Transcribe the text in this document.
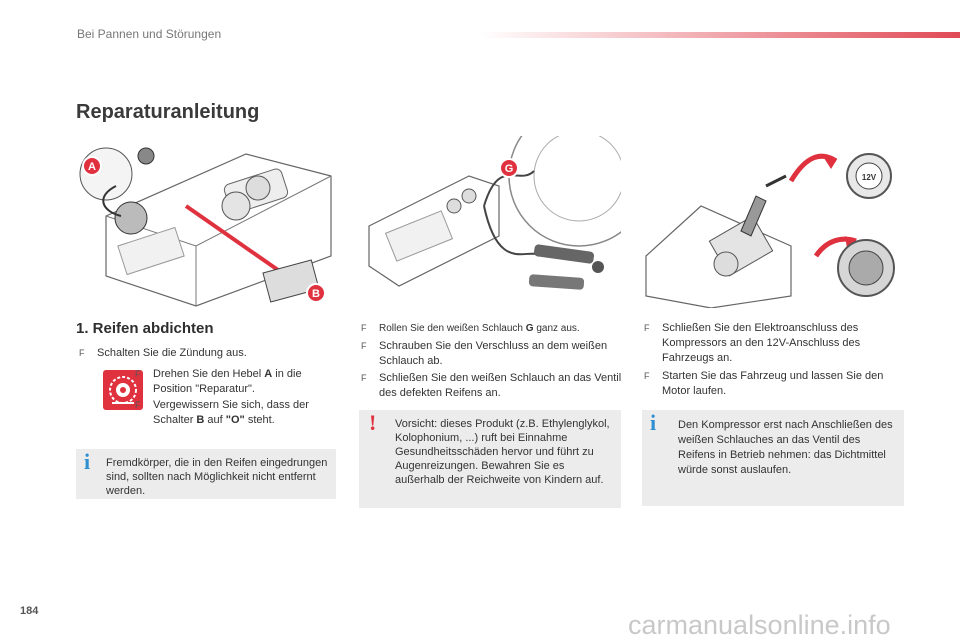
Bei Pannen und Störungen
Reparaturanleitung
A
B
G
12V
1. Reifen abdichten
F	Schalten Sie die Zündung aus.
F	Drehen Sie den Hebel A in die Position "Reparatur".
F	Vergewissern Sie sich, dass der Schalter B auf "O" steht.
i Fremdkörper, die in den Reifen eingedrungen sind, sollten nach Möglichkeit nicht entfernt werden.
F	Rollen Sie den weißen Schlauch G ganz aus.
F	Schrauben Sie den Verschluss an dem weißen Schlauch ab.
F	Schließen Sie den weißen Schlauch an das Ventil des defekten Reifens an.
! Vorsicht: dieses Produkt (z.B. Ethylenglykol, Kolophonium, ...) ruft bei Einnahme Gesundheitsschäden hervor und führt zu Augenreizungen. Bewahren Sie es außerhalb der Reichweite von Kindern auf.
F	Schließen Sie den Elektroanschluss des Kompressors an den 12V-Anschluss des Fahrzeugs an.
F	Starten Sie das Fahrzeug und lassen Sie den Motor laufen.
i Den Kompressor erst nach Anschließen des weißen Schlauches an das Ventil des Reifens in Betrieb nehmen: das Dichtmittel würde sonst auslaufen.
184	carmanualsonline.info
